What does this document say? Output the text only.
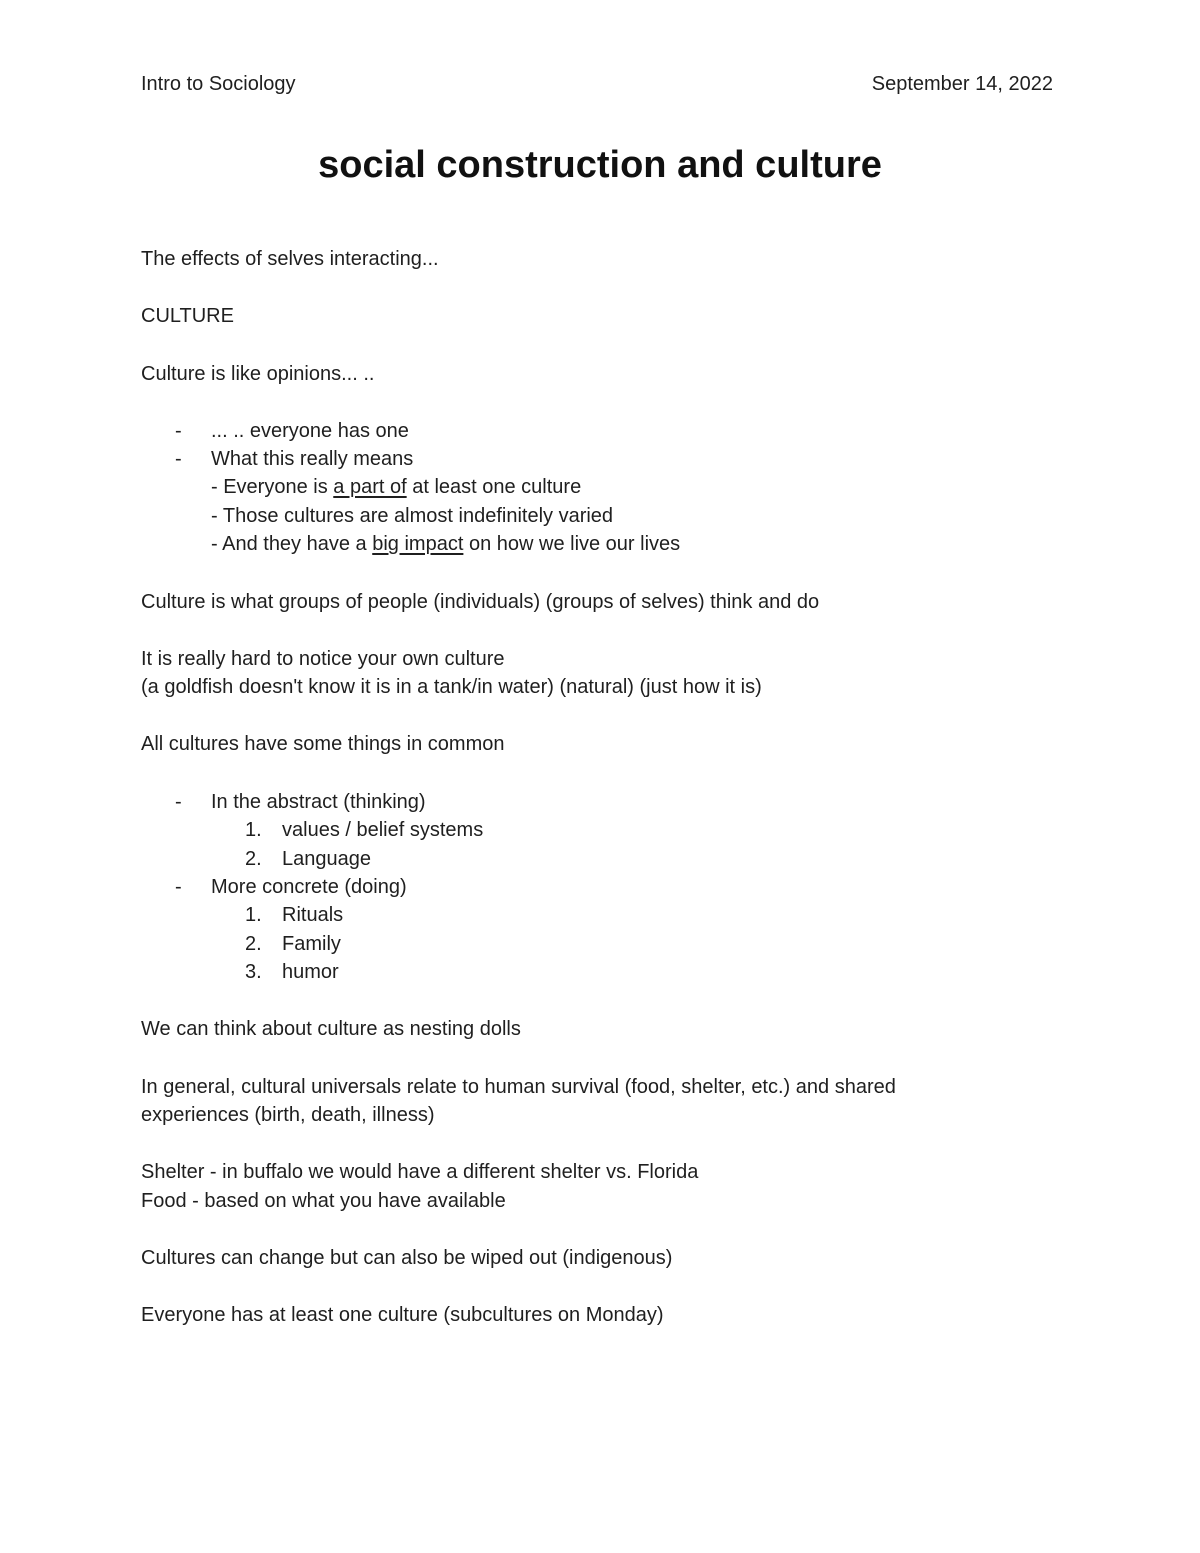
Intro to Sociology	September 14, 2022
social construction and culture
The effects of selves interacting...
CULTURE
Culture is like opinions... ..
- ... .. everyone has one
- What this really means
- Everyone is a part of at least one culture
- Those cultures are almost indefinitely varied
- And they have a big impact on how we live our lives
Culture is what groups of people (individuals) (groups of selves) think and do
It is really hard to notice your own culture
(a goldfish doesn't know it is in a tank/in water) (natural) (just how it is)
All cultures have some things in common
- In the abstract (thinking)
1. values / belief systems
2. Language
- More concrete (doing)
1. Rituals
2. Family
3. humor
We can think about culture as nesting dolls
In general, cultural universals relate to human survival (food, shelter, etc.) and shared
experiences (birth, death, illness)
Shelter - in buffalo we would have a different shelter vs. Florida
Food - based on what you have available
Cultures can change but can also be wiped out (indigenous)
Everyone has at least one culture (subcultures on Monday)
